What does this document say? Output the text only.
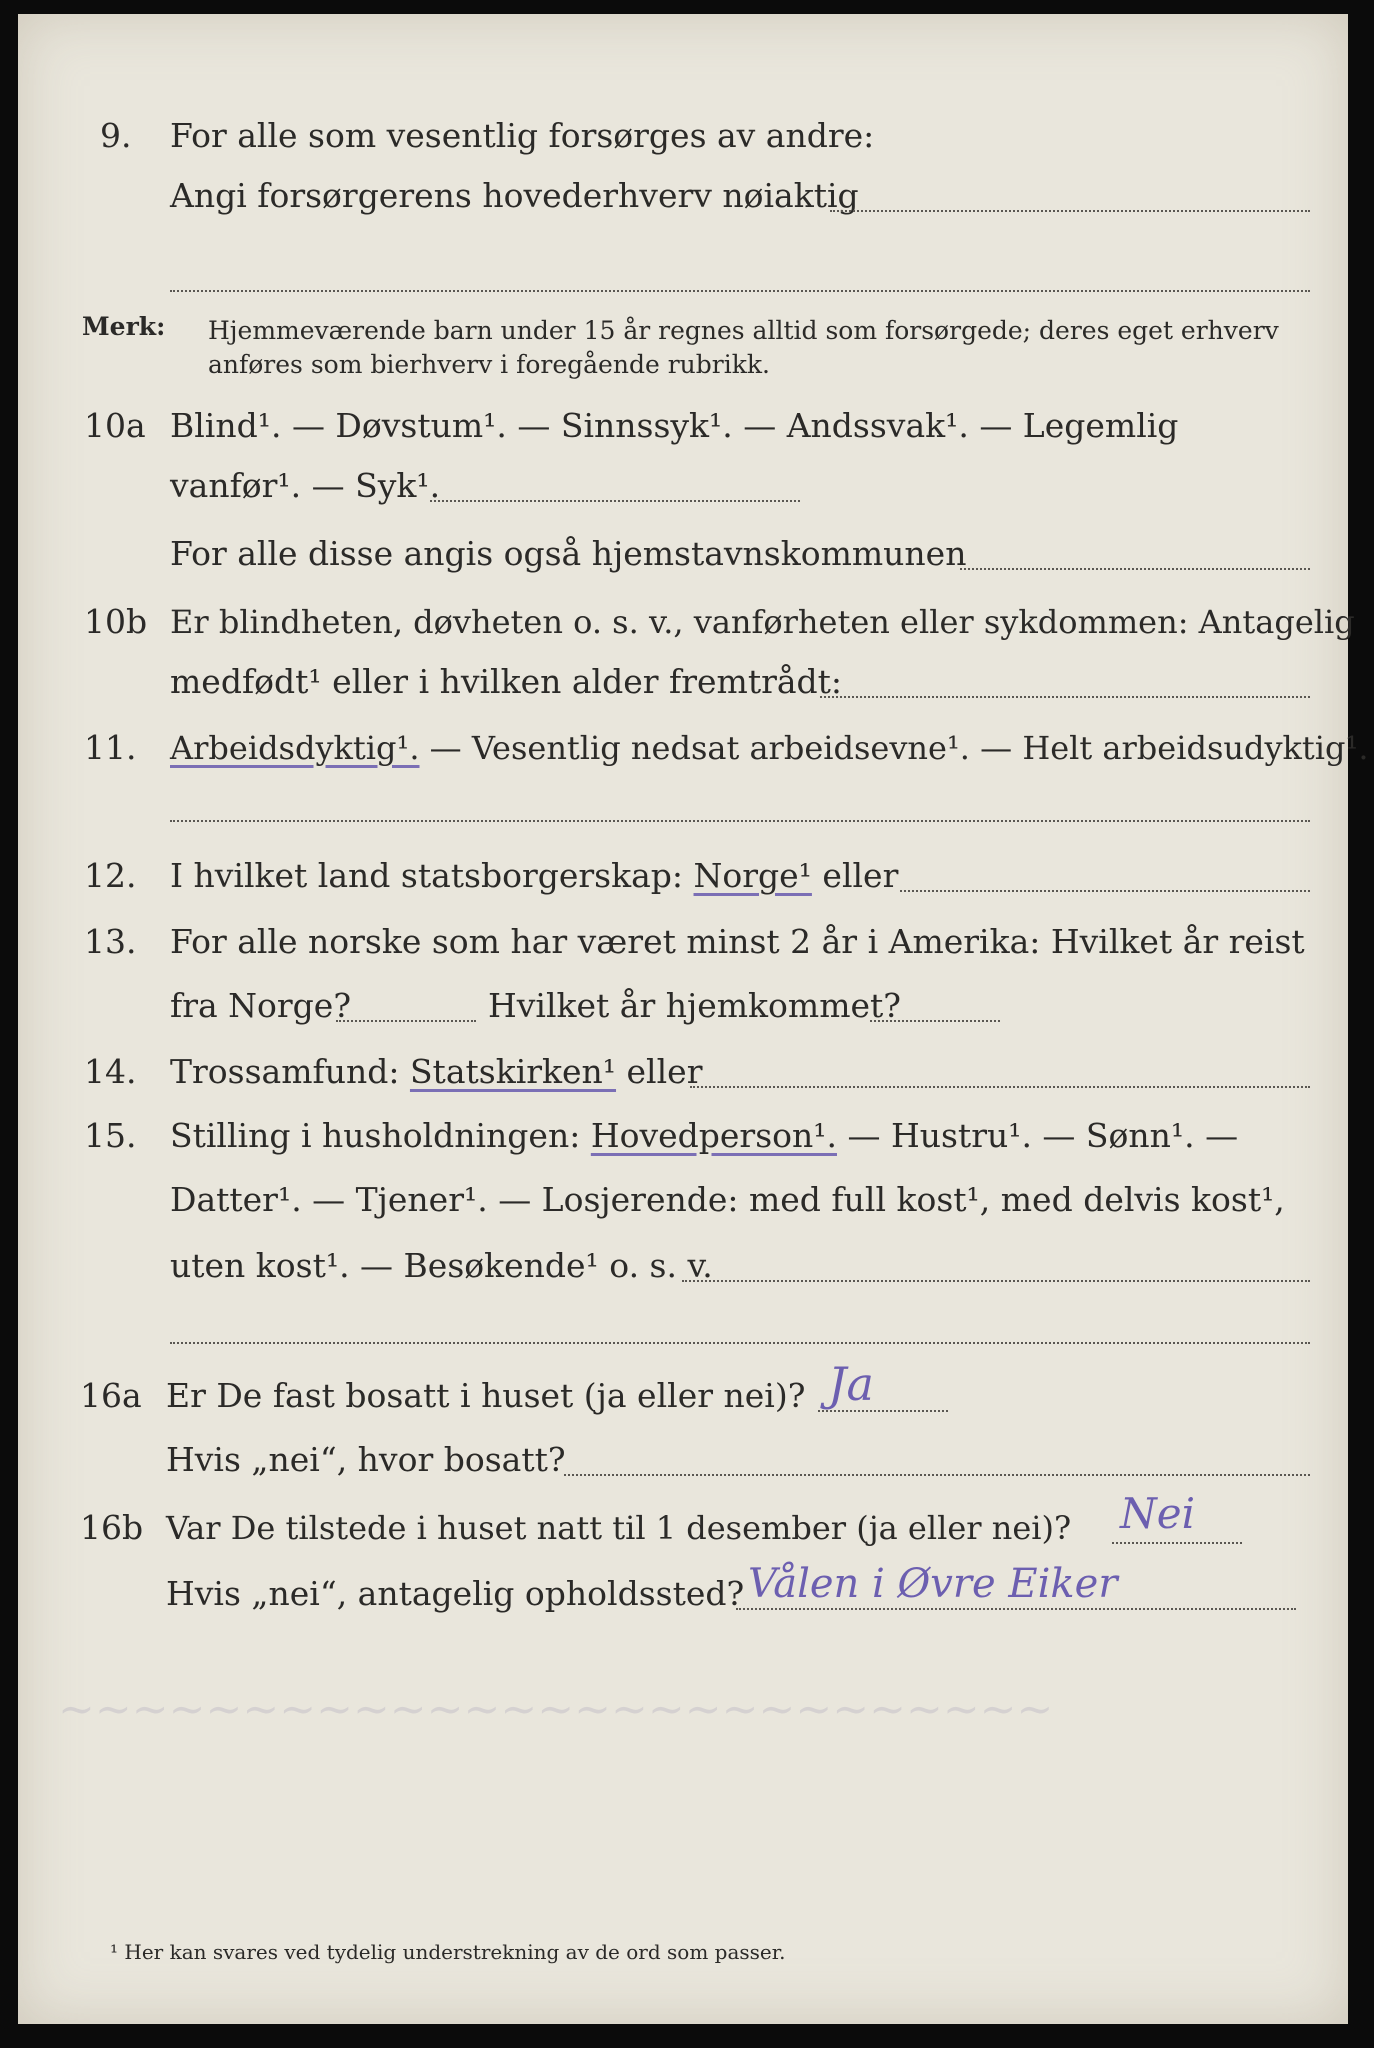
9. For alle som vesentlig forsørges av andre:
Angi forsørgerens hovederhverv nøiaktig
Merk: Hjemmeværende barn under 15 år regnes alltid som forsørgede; deres eget erhverv
anføres som bierhverv i foregående rubrikk.
10a Blind¹. — Døvstum¹. — Sinnssyk¹. — Andssvak¹. — Legemlig
vanfør¹. — Syk¹.
For alle disse angis også hjemstavnskommunen
10b Er blindheten, døvheten o. s. v., vanførheten eller sykdommen: Antagelig
medfødt¹ eller i hvilken alder fremtrådt:
11. Arbeidsdyktig¹. — Vesentlig nedsat arbeidsevne¹. — Helt arbeidsudyktig¹.
12. I hvilket land statsborgerskap: Norge¹ eller
13. For alle norske som har været minst 2 år i Amerika: Hvilket år reist
fra Norge?	Hvilket år hjemkommet?
14. Trossamfund: Statskirken¹ eller
15. Stilling i husholdningen: Hovedperson¹. — Hustru¹. — Sønn¹. —
Datter¹. — Tjener¹. — Losjerende: med full kost¹, med delvis kost¹,
uten kost¹. — Besøkende¹ o. s. v.
16a Er De fast bosatt i huset (ja eller nei)? Ja
Hvis „nei“, hvor bosatt?
16b Var De tilstede i huset natt til 1 desember (ja eller nei)? Nei
Hvis „nei“, antagelig opholdssted? Vålen i Øvre Eiker
~~~~~~~~~~~~~~~~~~~~~~~~~~~
¹ Her kan svares ved tydelig understrekning av de ord som passer.
